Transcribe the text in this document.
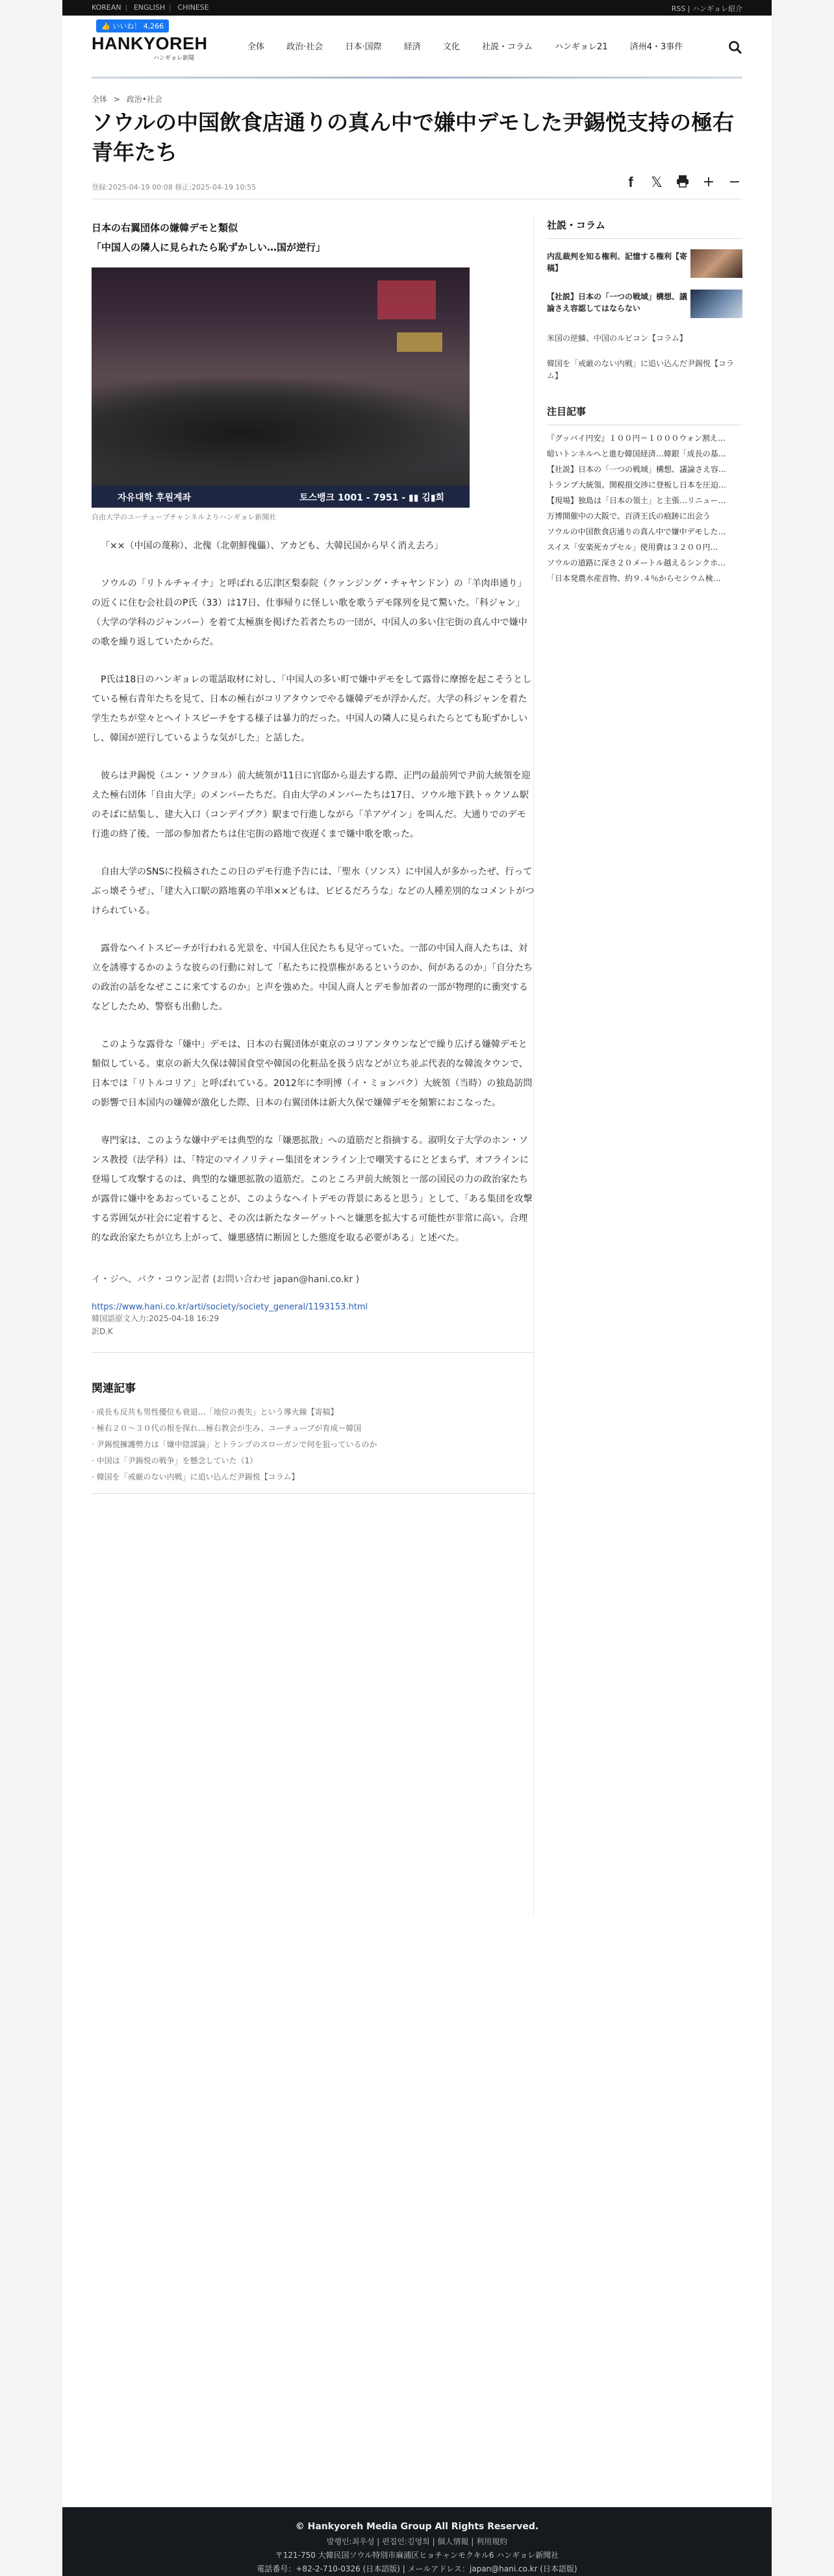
KOREAN | ENGLISH | CHINESE	RSS | ハンギョレ紹介
👍 いいね！ 4,266
HANKYOREH
ハンギョレ新聞
全体	政治·社会	日本·国際	経済	文化	社説・コラム	ハンギョレ21	済州4・3事件
全体 > 政治•社会
ソウルの中国飲食店通りの真ん中で嫌中デモした尹錫悦支持の極右青年たち
登録:2025-04-19 00:08 修正:2025-04-19 10:55	f	𝕏	+ −
日本の右翼団体の嫌韓デモと類似
「中国人の隣人に見られたら恥ずかしい…国が逆行」
자유대학 후원계좌	토스뱅크 1001 - 7951 - ▮▮ 김▮희
自由大学のユーチューブチャンネルよりハンギョレ新聞社

「××（中国の蔑称）、北傀（北朝鮮傀儡）、アカども、大韓民国から早く消え去ろ」

ソウルの「リトルチャイナ」と呼ばれる広津区梨泰院（クァンジング・チャヤンドン）の「羊肉串通り」の近くに住む会社員のP氏（33）は17日、仕事帰りに怪しい歌を歌うデモ隊列を見て驚いた。「科ジャン」（大学の学科のジャンパー）を着て太極旗を掲げた若者たちの一団が、中国人の多い住宅街の真ん中で嫌中の歌を繰り返していたからだ。

P氏は18日のハンギョレの電話取材に対し、「中国人の多い町で嫌中デモをして露骨に摩擦を起こそうとしている極右青年たちを見て、日本の極右がコリアタウンでやる嫌韓デモが浮かんだ。大学の科ジャンを着た学生たちが堂々とヘイトスピーチをする様子は暴力的だった。中国人の隣人に見られたらとても恥ずかしいし、韓国が逆行しているような気がした」と話した。

彼らは尹錫悦（ユン・ソクヨル）前大統領が11日に官邸から退去する際、正門の最前列で尹前大統領を迎えた極右団体「自由大学」のメンバーたちだ。自由大学のメンバーたちは17日、ソウル地下鉄トゥクソム駅のそばに結集し、建大入口（コンデイプク）駅まで行進しながら「羊アゲイン」を叫んだ。大通りでのデモ行進の終了後、一部の参加者たちは住宅街の路地で夜遅くまで嫌中歌を歌った。

自由大学のSNSに投稿されたこの日のデモ行進予告には、「聖水（ソンス）に中国人が多かったぜ、行ってぶっ壊そうぜ」、「建大入口駅の路地裏の羊串××どもは、ビビるだろうな」などの人種差別的なコメントがつけられている。

露骨なヘイトスピーチが行われる光景を、中国人住民たちも見守っていた。一部の中国人商人たちは、対立を誘導するかのような彼らの行動に対して「私たちに投票権があるというのか、何があるのか」「自分たちの政治の話をなぜここに来てするのか」と声を強めた。中国人商人とデモ参加者の一部が物理的に衝突するなどしたため、警察も出動した。

このような露骨な「嫌中」デモは、日本の右翼団体が東京のコリアンタウンなどで繰り広げる嫌韓デモと類似している。東京の新大久保は韓国食堂や韓国の化粧品を扱う店などが立ち並ぶ代表的な韓流タウンで、日本では「リトルコリア」と呼ばれている。2012年に李明博（イ・ミョンバク）大統領（当時）の独島訪問の影響で日本国内の嫌韓が激化した際、日本の右翼団体は新大久保で嫌韓デモを頻繁におこなった。

専門家は、このような嫌中デモは典型的な「嫌悪拡散」への道筋だと指摘する。淑明女子大学のホン・ソンス教授（法学科）は、「特定のマイノリティー集団をオンライン上で嘲笑するにとどまらず、オフラインに登場して攻撃するのは、典型的な嫌悪拡散の道筋だ。このところ尹前大統領と一部の国民の力の政治家たちが露骨に嫌中をあおっていることが、このようなヘイトデモの背景にあると思う」として、「ある集団を攻撃する雰囲気が社会に定着すると、その次は新たなターゲットへと嫌悪を拡大する可能性が非常に高い。合理的な政治家たちが立ち上がって、嫌悪感情に断固とした態度を取る必要がある」と述べた。

イ・ジヘ、パク・コウン記者 (お問い合わせ japan@hani.co.kr )
https://www.hani.co.kr/arti/society/society_general/1193153.html
韓国語原文入力:2025-04-18 16:29
訳D.K
関連記事
· 成長も反共も男性優位も衰退…「地位の喪失」という導火線【寄稿】
· 極右２０～３０代の根を探れ…極右教会が生み、ユーチューブが育成＝韓国
· 尹錫悦擁護勢力は「嫌中陰謀論」とトランプのスローガンで何を狙っているのか
· 中国は「尹錫悦の戦争」を懸念していた（1）
· 韓国を「戒厳のない内戦」に追い込んだ尹錫悦【コラム】
社説・コラム
内乱裁判を知る権利、記憶する権利【寄稿】
【社説】日本の「一つの戦域」構想、議論さえ容認してはならない
米国の逆鱗、中国のルビコン【コラム】
韓国を「戒厳のない内戦」に追い込んだ尹錫悦【コラム】
注目記事
『グッバイ円安』１００円＝１０００ウォン割え…
暗いトンネルへと進む韓国経済…韓銀「成長の基…
【社説】日本の「一つの戦域」構想、議論さえ容…
トランプ大統領、関税損交渉に登板し日本を圧迫…
【現場】独島は「日本の領土」と主張…リニュー…
万博開催中の大阪で、百済王氏の痕跡に出会う
ソウルの中国飲食店通りの真ん中で嫌中デモした…
スイス「安楽死カプセル」使用費は３２００円…
ソウルの道路に深さ２０メートル越えるシンクホ…
「日本発農水産首物、約９.４％からセシウム検…
© Hankyoreh Media Group All Rights Reserved.
발행인:최우성 | 편집인:김영희 | 個人情報 | 利用規約
〒121-750 大韓民国ソウル特別市麻浦区ヒョチャンモクキル6 ハンギョレ新聞社
電話番号：+82-2-710-0326 (日本語版) | メールアドレス：japan@hani.co.kr (日本語版)
